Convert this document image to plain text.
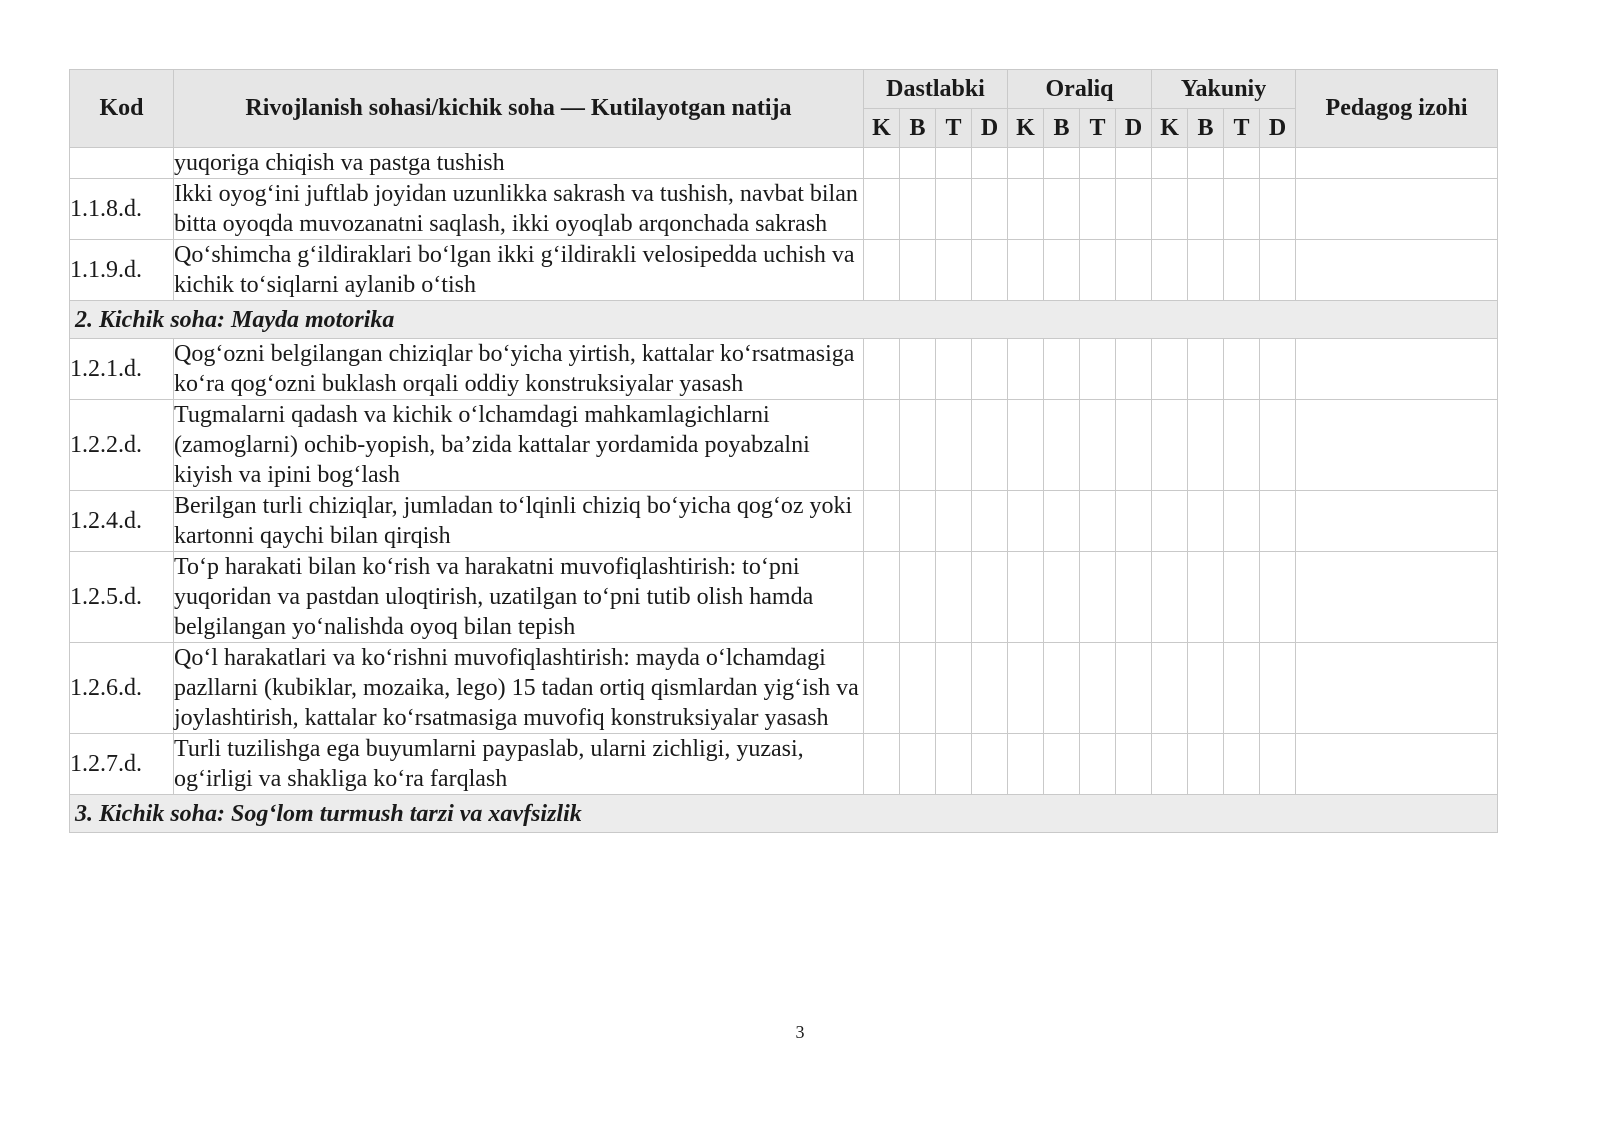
Kod	Rivojlanish sohasi/kichik soha — Kutilayotgan natija	Dastlabki				Oraliq				Yakuniy				Pedagog izohi
		K	B	T	D	K	B	T	D	K	B	T	D	
	yuqoriga chiqish va pastga tushish													
1.1.8.d.	Ikki oyog‘ini juftlab joyidan uzunlikka sakrash va tushish, navbat bilan bitta oyoqda muvozanatni saqlash, ikki oyoqlab arqonchada sakrash													
1.1.9.d.	Qo‘shimcha g‘ildiraklari bo‘lgan ikki g‘ildirakli velosipedda uchish va kichik to‘siqlarni aylanib o‘tish													
2. Kichik soha: Mayda motorika														
1.2.1.d.	Qog‘ozni belgilangan chiziqlar bo‘yicha yirtish, kattalar ko‘rsatmasiga ko‘ra qog‘ozni buklash orqali oddiy konstruksiyalar yasash													
1.2.2.d.	Tugmalarni qadash va kichik o‘lchamdagi mahkamlagichlarni (zamoglarni) ochib-yopish, ba’zida kattalar yordamida poyabzalni kiyish va ipini bog‘lash													
1.2.4.d.	Berilgan turli chiziqlar, jumladan to‘lqinli chiziq bo‘yicha qog‘oz yoki kartonni qaychi bilan qirqish													
1.2.5.d.	To‘p harakati bilan ko‘rish va harakatni muvofiqlashtirish: to‘pni yuqoridan va pastdan uloqtirish, uzatilgan to‘pni tutib olish hamda belgilangan yo‘nalishda oyoq bilan tepish													
1.2.6.d.	Qo‘l harakatlari va ko‘rishni muvofiqlashtirish: mayda o‘lchamdagi pazllarni (kubiklar, mozaika, lego) 15 tadan ortiq qismlardan yig‘ish va joylashtirish, kattalar ko‘rsatmasiga muvofiq konstruksiyalar yasash													
1.2.7.d.	Turli tuzilishga ega buyumlarni paypaslab, ularni zichligi, yuzasi, og‘irligi va shakliga ko‘ra farqlash													
3. Kichik soha: Sog‘lom turmush tarzi va xavfsizlik														
3
